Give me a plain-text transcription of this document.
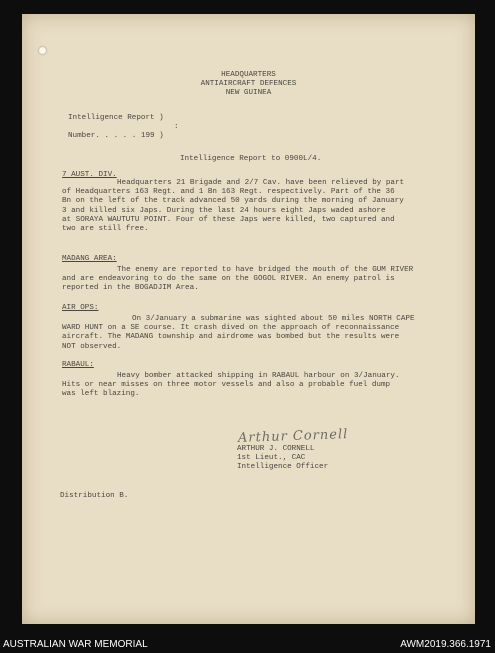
HEADQUARTERS
ANTIAIRCRAFT DEFENCES
NEW GUINEA
Intelligence Report )
:
Number. . . . . 199 )
Intelligence Report to 0900L/4.
7 AUST. DIV.

Headquarters 21 Brigade and 2/7 Cav. have been relieved by part
of Headquarters 163 Regt. and 1 Bn 163 Regt. respectively. Part of the 36
Bn on the left of the track advanced 50 yards during the morning of January
3 and killed six Japs. During the last 24 hours eight Japs waded ashore
at SORAYA WAUTUTU POINT. Four of these Japs were killed, two captured and
two are still free.

MADANG AREA:

The enemy are reported to have bridged the mouth of the GUM RIVER
and are endeavoring to do the same on the GOGOL RIVER. An enemy patrol is
reported in the BOGADJIM Area.

AIR OPS:

On 3/January a submarine was sighted about 50 miles NORTH CAPE
WARD HUNT on a SE course. It crash dived on the approach of reconnaissance
aircraft. The MADANG township and airdrome was bombed but the results were
NOT observed.

RABAUL:

Heavy bomber attacked shipping in RABAUL harbour on 3/January.
Hits or near misses on three motor vessels and also a probable fuel dump
was left blazing.

Arthur Cornell
ARTHUR J. CORNELL
1st Lieut., CAC
Intelligence Officer
Distribution B.
AUSTRALIAN WAR MEMORIAL	AWM2019.366.1971
